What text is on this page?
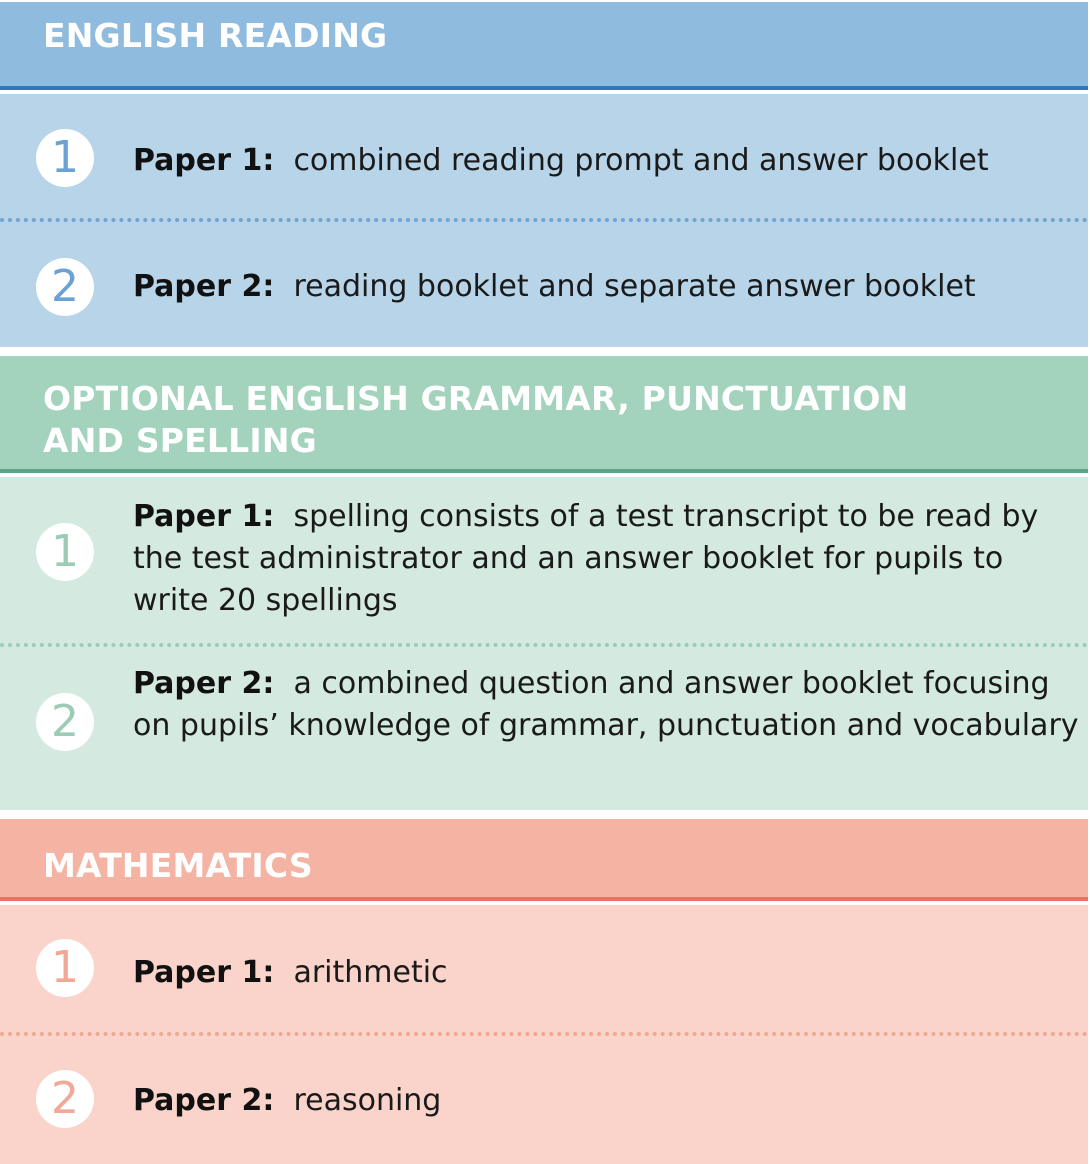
ENGLISH READING
1 Paper 1: combined reading prompt and answer booklet
2 Paper 2: reading booklet and separate answer booklet
OPTIONAL ENGLISH GRAMMAR, PUNCTUATION
AND SPELLING
1
Paper 1: spelling consists of a test transcript to be read by the test administrator and an answer booklet for pupils to write 20 spellings
2
Paper 2: a combined question and answer booklet focusing on pupils’ knowledge of grammar, punctuation and vocabulary
MATHEMATICS
1 Paper 1: arithmetic
2 Paper 2: reasoning
